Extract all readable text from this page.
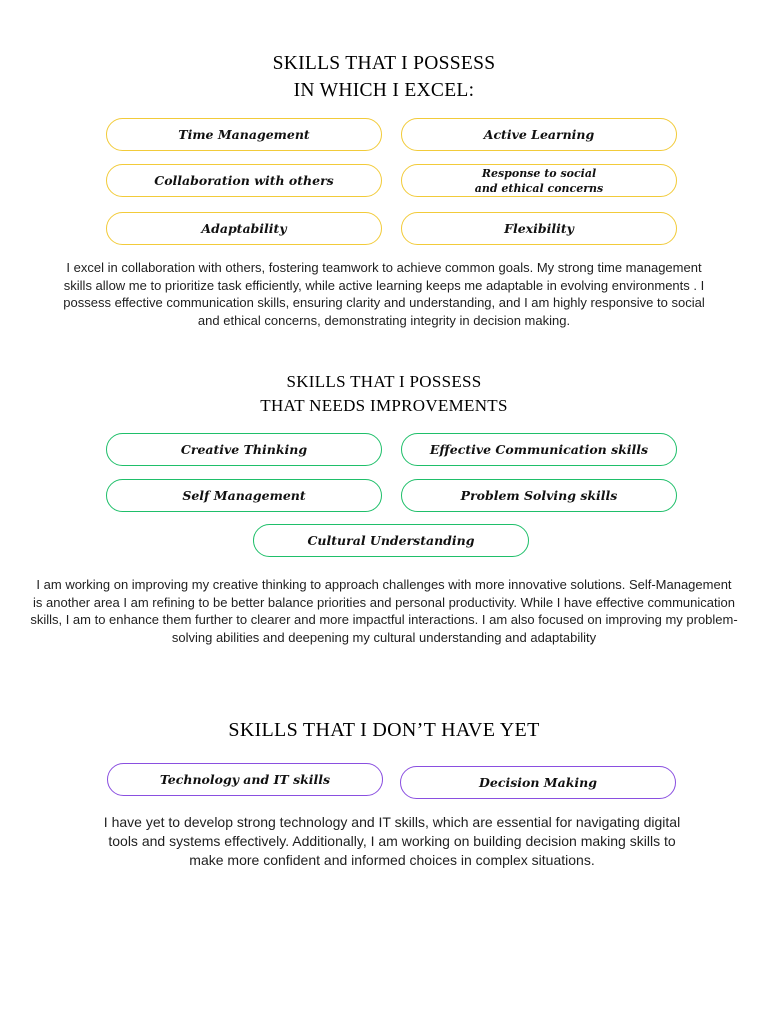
SKILLS THAT I POSSESS
IN WHICH I EXCEL:
Time Management	Active Learning
Collaboration with others	Response to social
and ethical concerns
Adaptability	Flexibility
I excel in collaboration with others, fostering teamwork to achieve common goals. My strong time management skills allow me to prioritize task efficiently, while active learning keeps me adaptable in evolving environments . I possess effective communication skills, ensuring clarity and understanding, and I am highly responsive to social and ethical concerns, demonstrating integrity in decision making.
SKILLS THAT I POSSESS
THAT NEEDS IMPROVEMENTS
Creative Thinking	Effective Communication skills
Self Management	Problem Solving skills
Cultural Understanding
I am working on improving my creative thinking to approach challenges with more innovative solutions. Self-Management is another area I am refining to be better balance priorities and personal productivity. While I have effective communication skills, I am to enhance them further to clearer and more impactful interactions. I am also focused on improving my problem-solving abilities and deepening my cultural understanding and adaptability
SKILLS THAT I DON’T HAVE YET
Technology and IT skills	Decision Making
I have yet to develop strong technology and IT skills, which are essential for navigating digital tools and systems effectively. Additionally, I am working on building decision making skills to make more confident and informed choices in complex situations.
